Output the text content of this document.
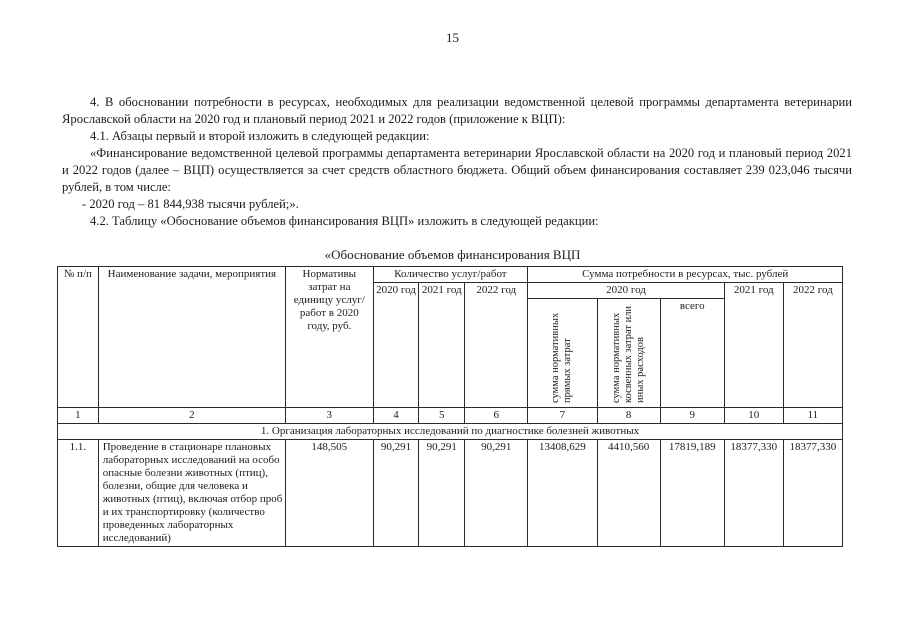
15
4. В обосновании потребности в ресурсах, необходимых для реализации ведомственной целевой программы департамента ветеринарии Ярославской области на 2020 год и плановый период 2021 и 2022 годов (приложение к ВЦП):
4.1. Абзацы первый и второй изложить в следующей редакции:
«Финансирование ведомственной целевой программы департамента ветеринарии Ярославской области на 2020 год и плановый период 2021 и 2022 годов (далее – ВЦП) осуществляется за счет средств областного бюджета. Общий объем финансирования составляет 239 023,046 тысячи рублей, в том числе:
- 2020 год – 81 844,938 тысячи рублей;».
4.2. Таблицу «Обоснование объемов финансирования ВЦП» изложить в следующей редакции:
«Обоснование объемов финансирования ВЦП
№ п/п	Наименование задачи, мероприятия	Нормативы затрат на единицу услуг/ работ в 2020 году, руб.	Количество услуг/работ			Сумма потребности в ресурсах, тыс. рублей				
			2020 год	2021 год	2022 год	2020 год			2021 год	2022 год

						сумма нормативных прямых затрат	сумма нормативных косвенных затрат или иных расходов	всего		
1	2	3	4	5	6	7	8	9	10	11
1. Организация лабораторных исследований по диагностике болезней животных										
1.1.	Проведение в стационаре плановых лабораторных исследований на особо опасные болезни животных (птиц), болезни, общие для человека и животных (птиц), включая отбор проб и их транспортировку (количество проведенных лабораторных исследований)	148,505	90,291	90,291	90,291	13408,629	4410,560	17819,189	18377,330	18377,330
